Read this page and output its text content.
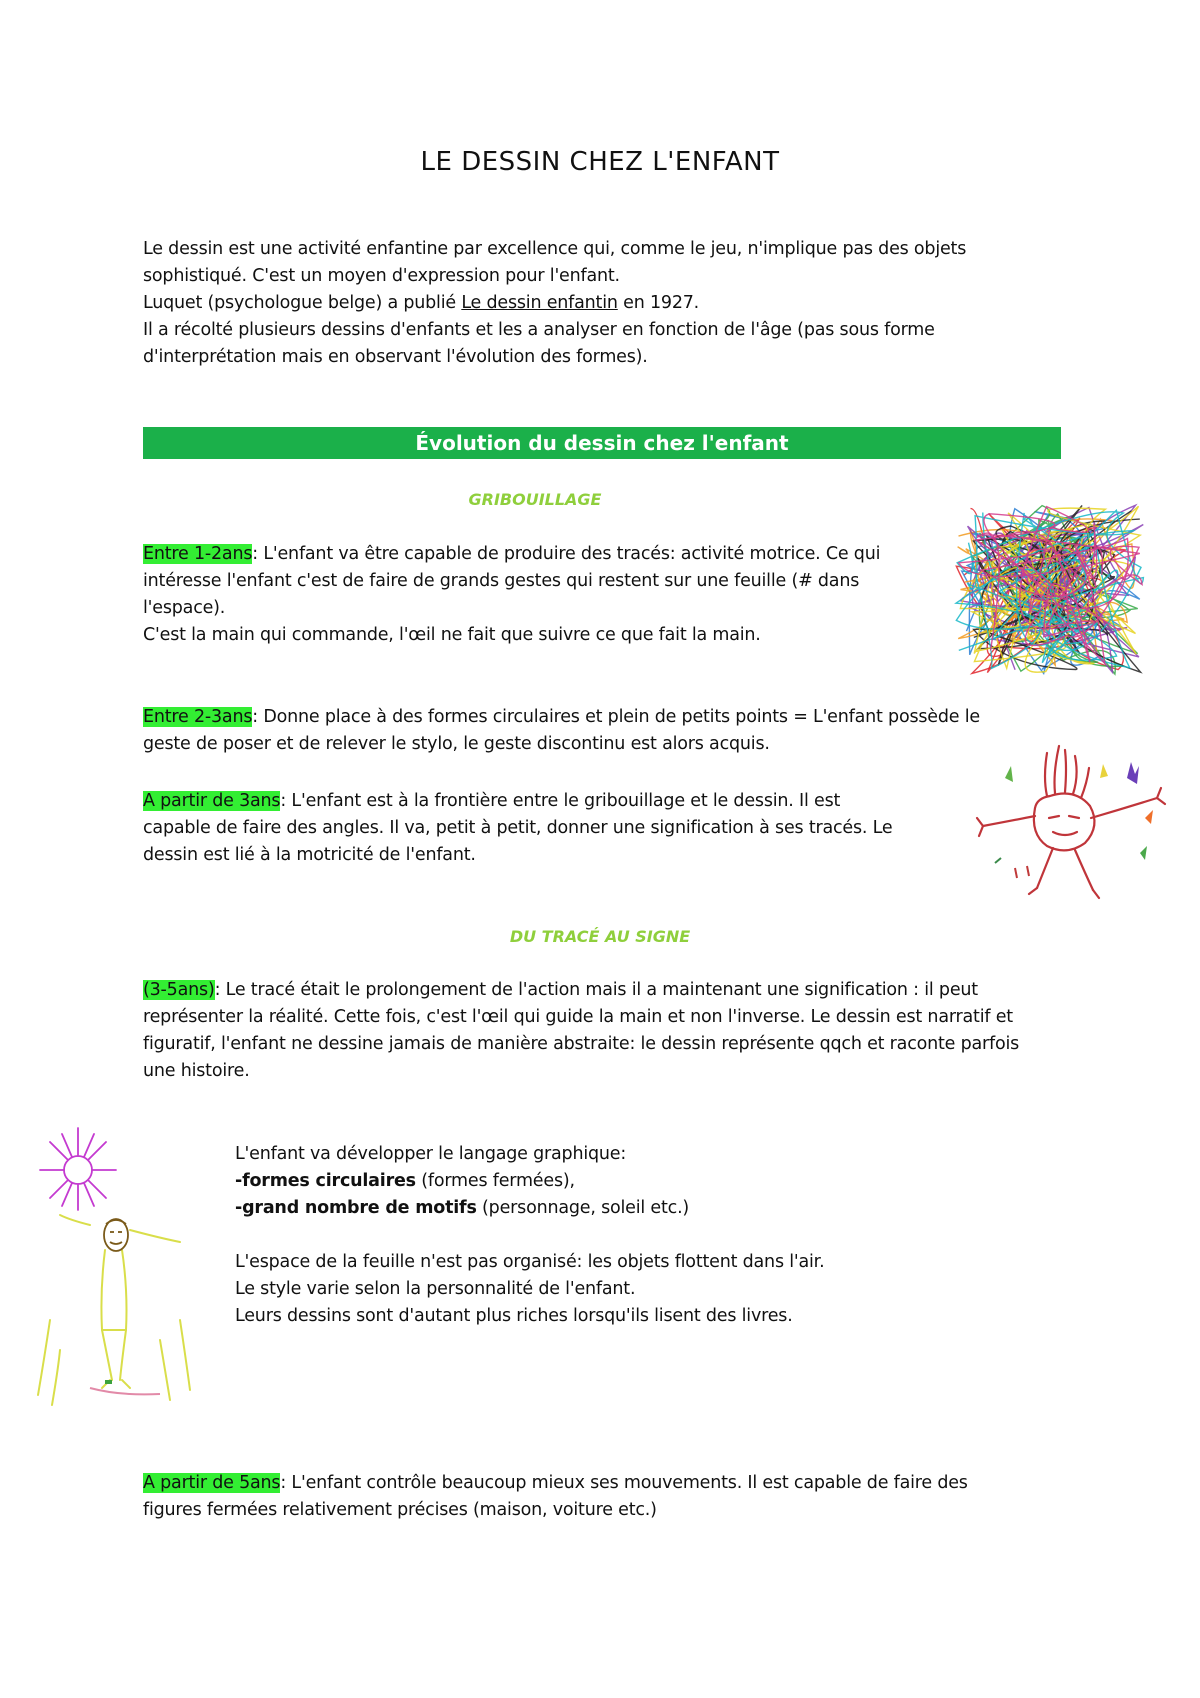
LE DESSIN CHEZ L'ENFANT
Le dessin est une activité enfantine par excellence qui, comme le jeu, n'implique pas des objets
sophistiqué. C'est un moyen d'expression pour l'enfant.
Luquet (psychologue belge) a publié Le dessin enfantin en 1927.
Il a récolté plusieurs dessins d'enfants et les a analyser en fonction de l'âge (pas sous forme
d'interprétation mais en observant l'évolution des formes).
Évolution du dessin chez l'enfant
GRIBOUILLAGE
Entre 1-2ans: L'enfant va être capable de produire des tracés: activité motrice. Ce qui
intéresse l'enfant c'est de faire de grands gestes qui restent sur une feuille (# dans
l'espace).
C'est la main qui commande, l'œil ne fait que suivre ce que fait la main.
Entre 2-3ans: Donne place à des formes circulaires et plein de petits points = L'enfant possède le
geste de poser et de relever le stylo, le geste discontinu est alors acquis.
A partir de 3ans: L'enfant est à la frontière entre le gribouillage et le dessin. Il est
capable de faire des angles. Il va, petit à petit, donner une signification à ses tracés. Le
dessin est lié à la motricité de l'enfant.
DU TRACÉ AU SIGNE
(3-5ans): Le tracé était le prolongement de l'action mais il a maintenant une signification : il peut
représenter la réalité. Cette fois, c'est l'œil qui guide la main et non l'inverse. Le dessin est narratif et
figuratif, l'enfant ne dessine jamais de manière abstraite: le dessin représente qqch et raconte parfois
une histoire.
L'enfant va développer le langage graphique:
-formes circulaires (formes fermées),
-grand nombre de motifs (personnage, soleil etc.)
L'espace de la feuille n'est pas organisé: les objets flottent dans l'air.
Le style varie selon la personnalité de l'enfant.
Leurs dessins sont d'autant plus riches lorsqu'ils lisent des livres.
A partir de 5ans: L'enfant contrôle beaucoup mieux ses mouvements. Il est capable de faire des
figures fermées relativement précises (maison, voiture etc.)
